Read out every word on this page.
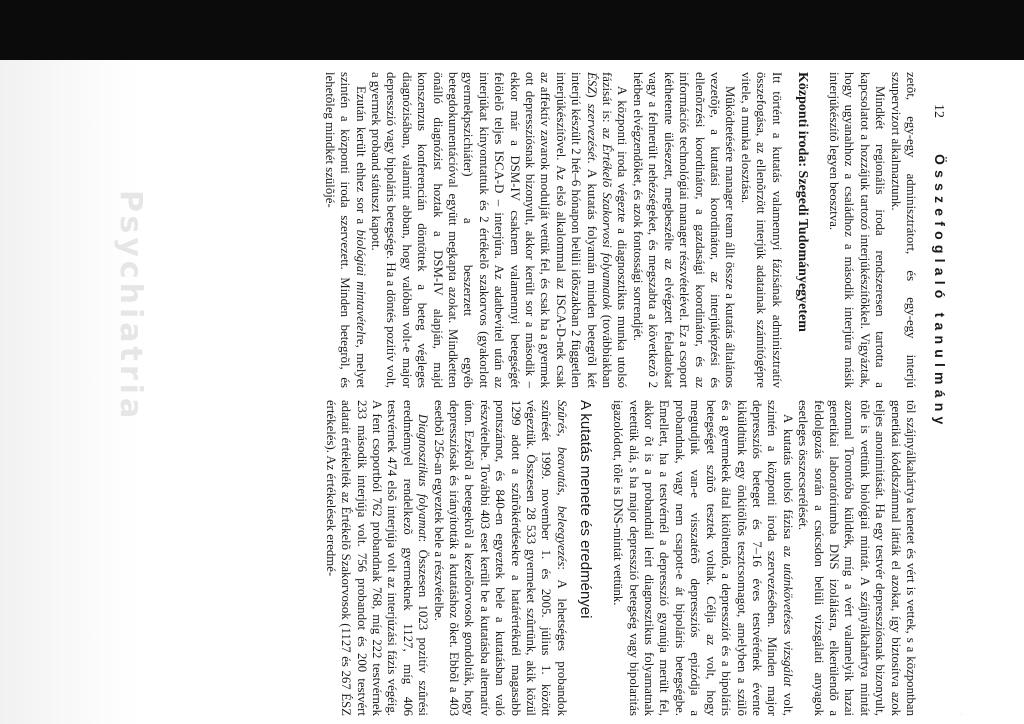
Psychiatria
12
Összefoglaló tanulmány

zetõt, egy-egy adminisztrátort, és egy-egy interjú szupervizort alkalmaztunk.

Mindkét regionális iroda rendszeresen tartotta a kapcsolatot a hozzájuk tartozó interjúkészítõkkel. Vigyáztak, hogy ugyanahhoz a családhoz a második interjúra másik interjúkészítõ legyen beosztva.

Központi iroda: Szegedi Tudományegyetem

Itt történt a kutatás valamennyi fázisának adminisztratív összefogása, az ellenõrzött interjúk adatainak számítógépre vitele, a munka elosztása.

Mûködtetésére manager team állt össze a kutatás általános vezetõje, a kutatási koordinátor, az interjúképzési és ellenõrzési koordinátor, a gazdasági koordinátor, és az információs technológiai manager részvételével. Ez a csoport kéthetente ülésezett, megbeszélte az elvégzett feladatokat vagy a felmerült nehézségeket, és megszabta a következõ 2 hétben elvégzendõket, és azok fontossági sorrendjét.

A központi iroda végezte a diagnosztikus munka utolsó fázisát is: az Értékelõ Szakorvosi folyamatok (továbbiakban ÉSZ) szervezését. A kutatás folyamán minden betegrõl két interjú készült 2 hét–6 hónapon belüli idõszakban 2 független interjúkészítõvel. Az elsõ alkalommal az ISCA-D-nek csak az affektív zavarok modulját vettük fel, és csak ha a gyermek ott depressziósnak bizonyult, akkor került sor a második – ekkor már a DSM-IV csaknem valamennyi betegségét felölelõ teljes ISCA-D – interjúra. Az adatbevitel után az interjúkat kinyomtattuk és 2 értékelõ szakorvos (gyakorlott gyermekpszichiáter) a beszerzett egyéb betegdokumentációval együtt megkapta azokat. Mindketten önálló diagnózist hoztak a DSM-IV alapján, majd konszenzus konferencián döntöttek a beteg végleges diagnózisában, valamint abban, hogy valóban volt-e major depresszió vagy bipoláris betegsége. Ha a döntés pozitív volt, a gyermek proband státuszt kapott.

Ezután került ehhez sor a biológiai mintavételre, melyet szintén a központi iroda szervezett. Minden betegrõl, és lehetõleg mindkét szülõjé-

tõl szájnyálkahártya kenetet és vért is vettek, s a központban genetikai kóddszámmal látták el azokat, így biztosítva azok teljes anonimitását. Ha egy testvér depressziósnak bizonyult, tõle is vettünk biológiai mintát. A szájnyálkahártya mintát azonnal Torontóba küldték, míg a vért valamelyik hazai genetikai laboratóriumba DNS izolálásra, elkerülendõ a feldolgozás során a csúcsdon belüli vizsgálati anyagok esetleges összecserélését.

A kutatás utolsó fázisa az utánkövetéses vizsgálat volt, szintén a központi iroda szervezésében. Minden major depressziós beteget és 7–16 éves testvérének évente kiküldtünk egy önkitöltõs tesztcsomagot, amelyben a szülõ és a gyermekek által kitöltendõ, a depressziót és a bipoláris betegséget szûrõ tesztek voltak. Célja az volt, hogy megtudjuk van-e visszatérõ depressziós epizódja a probandnak, vagy nem csapott-e át bipoláris betegségbe. Emellett, ha a testvérnél a depresszió gyanúja merült fel, akkor õt is a probandnál leírt diagnosztikus folyamatnak vetettük alá, s ha major depresszió betegség vagy bipolaritás igazolódott, tõle is DNS-mintát vettünk.

A kutatás menete és eredményei

Szûrés, beavatás, beleegyezés: A lehetséges probandok szûrését 1999. november 1. és 2005. július 1. között végeztük. Összesen 28 533 gyermeket szûrtünk, akik közül 1299 adott a szûrõkérdésekre a határértéknél magasabb pontszámot, és 840-en egyeztek bele a kutatásban való részvételbe. További 403 eset került be a kutatásba alternatív úton. Ezekrõl a betegekrõl a kezelõorvosok gondolták, hogy depressziósak és irányították a kutatáshoz õket. Ebbõl a 403 esetbõl 256-an egyeztek bele a részvételbe.

Diagnosztikus folyamat: Összesen 1023 pozitív szûrési eredménnyel rendelkezõ gyermeknek 1127, míg 406 testvérnek 474 elsõ interjúja volt az interjúzási fázis végéig. A fent csoportból 762 probandnak 768, míg 222 testvérnek 233 második interjúja volt. 756 probandot és 200 testvért adatait értékelték az Értékelõ Szakorvosok (1127 és 267 ÉSZ értékelés). Az értékelések eredmé-

·
